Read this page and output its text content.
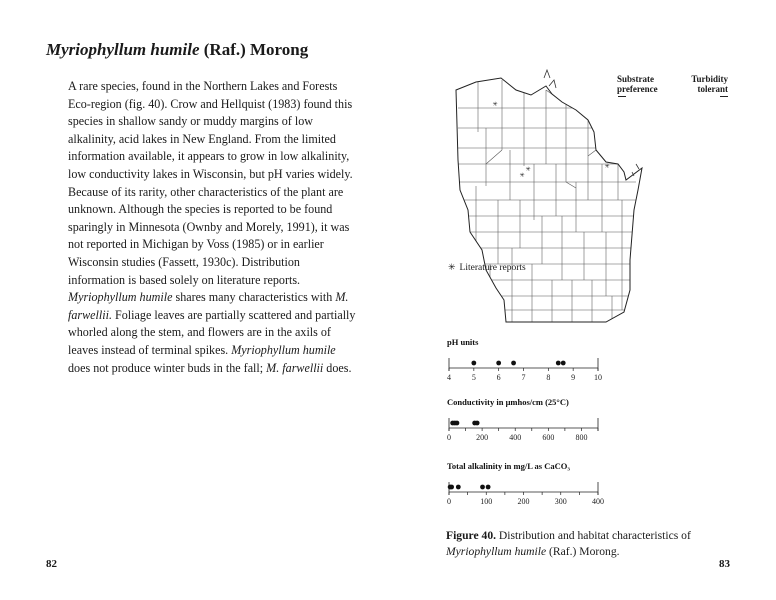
Myriophyllum humile (Raf.) Morong

A rare species, found in the Northern Lakes and Forests Eco-region (fig. 40). Crow and Hellquist (1983) found this species in shallow sandy or muddy margins of low alkalinity, acid lakes in New England. From the limited information available, it appears to grow in low alkalinity, low conductivity lakes in Wisconsin, but pH varies widely. Because of its rarity, other characteristics of the plant are unknown. Although the species is reported to be found sparingly in Minnesota (Ownby and Morely, 1991), it was not reported in Michigan by Voss (1985) or in earlier Wisconsin studies (Fassett, 1930c). Distribution information is based solely on literature reports. Myriophyllum humile shares many characteristics with M. farwellii. Foliage leaves are partially scattered and partially whorled along the stem, and flowers are in the axils of leaves instead of terminal spikes. Myriophyllum humile does not produce winter buds in the fall; M. farwellii does.

82
✳
✳
✳
✳
Substrate preference
Turbidity tolerant
✳ Literature reports
pH units
4	5	6	7	8	9 10
Conductivity in μmhos/cm (25°C)
0	200	400	600	800
Total alkalinity in mg/L as CaCO₃
0	100	200	300	400
Figure 40. Distribution and habitat characteristics of Myriophyllum humile (Raf.) Morong.
83
